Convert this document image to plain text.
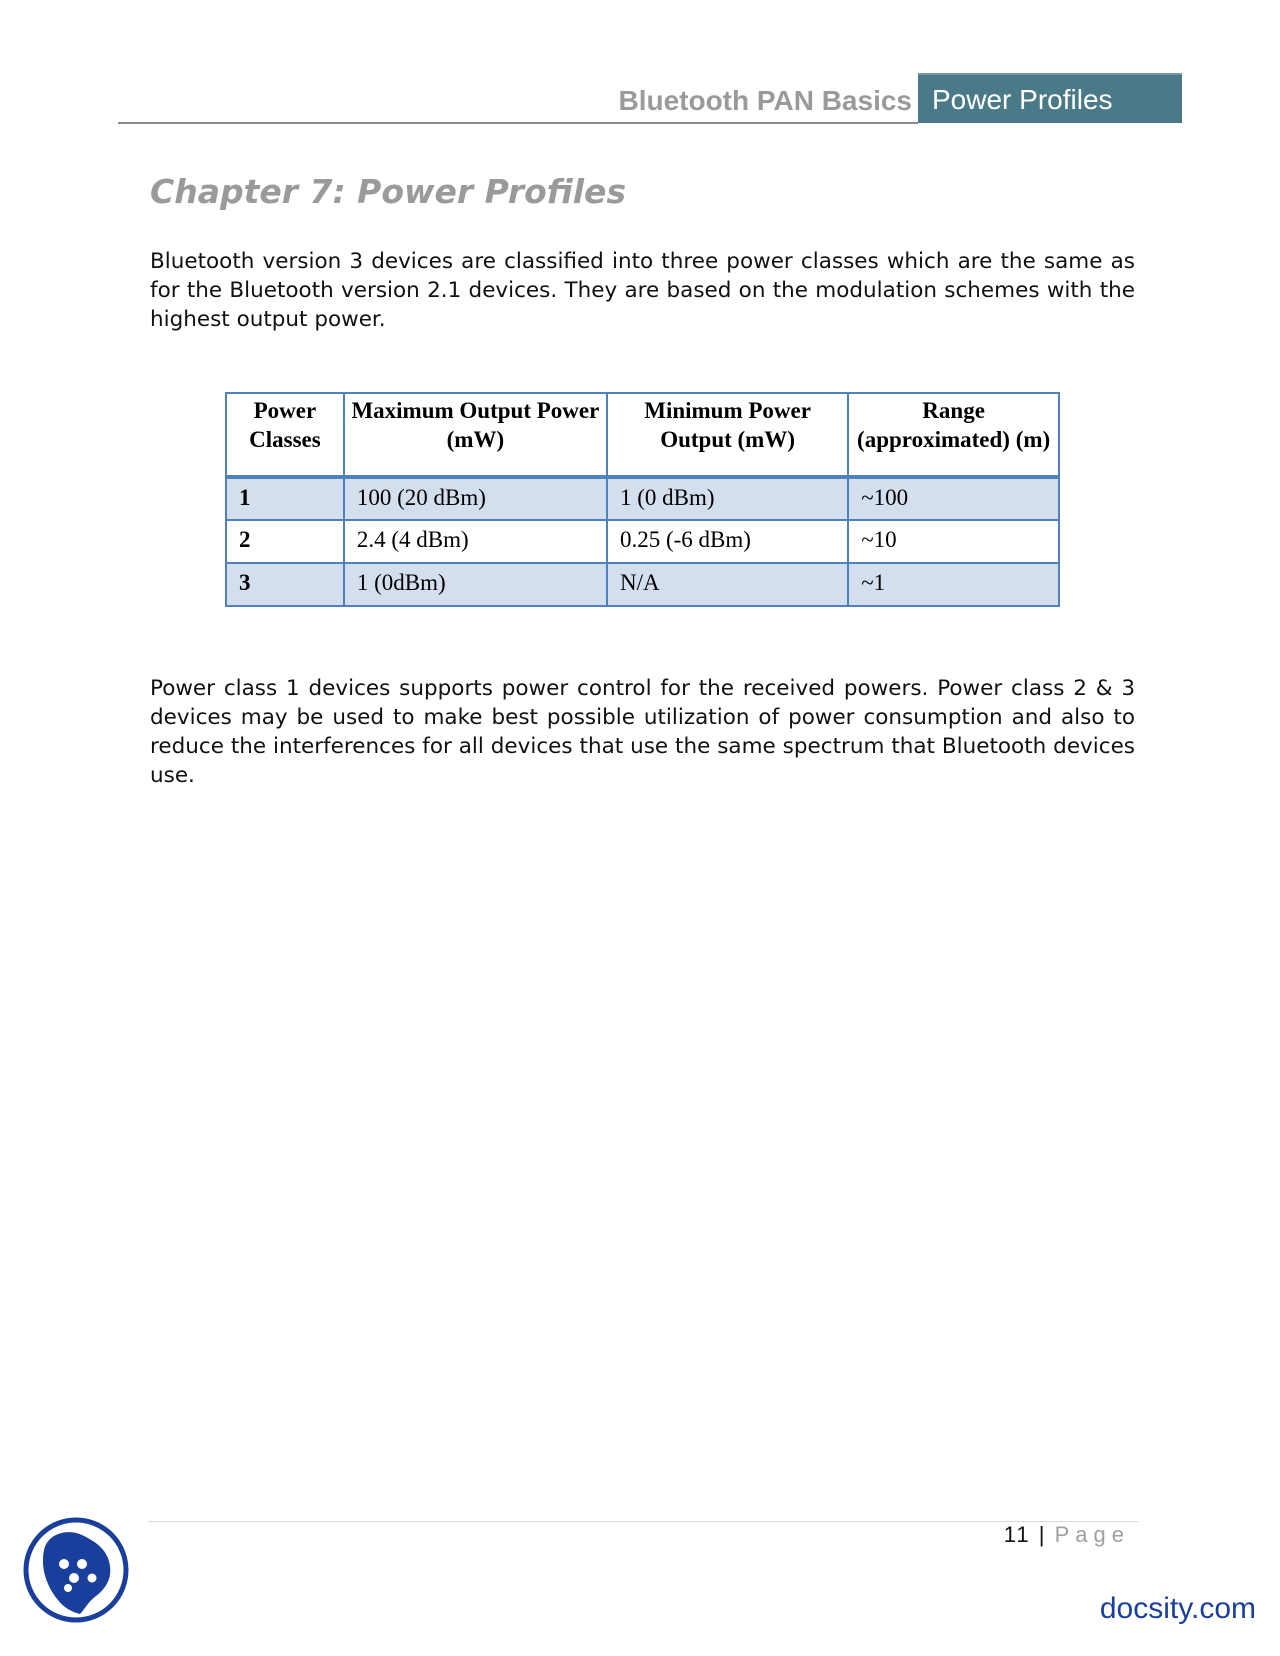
Bluetooth PAN Basics Power Profiles
Chapter 7: Power Profiles

Bluetooth version 3 devices are classified into three power classes which are the same as for the Bluetooth version 2.1 devices. They are based on the modulation schemes with the highest output power.

Power Classes	Maximum Output Power (mW)	Minimum Power Output (mW)	Range (approximated) (m)
1	100 (20 dBm)	1 (0 dBm)	~100
2	2.4 (4 dBm)	0.25 (-6 dBm)	~10
3	1 (0dBm)	N/A	~1

Power class 1 devices supports power control for the received powers. Power class 2 & 3 devices may be used to make best possible utilization of power consumption and also to reduce the interferences for all devices that use the same spectrum that Bluetooth devices use.

11 | Page
docsity.com
